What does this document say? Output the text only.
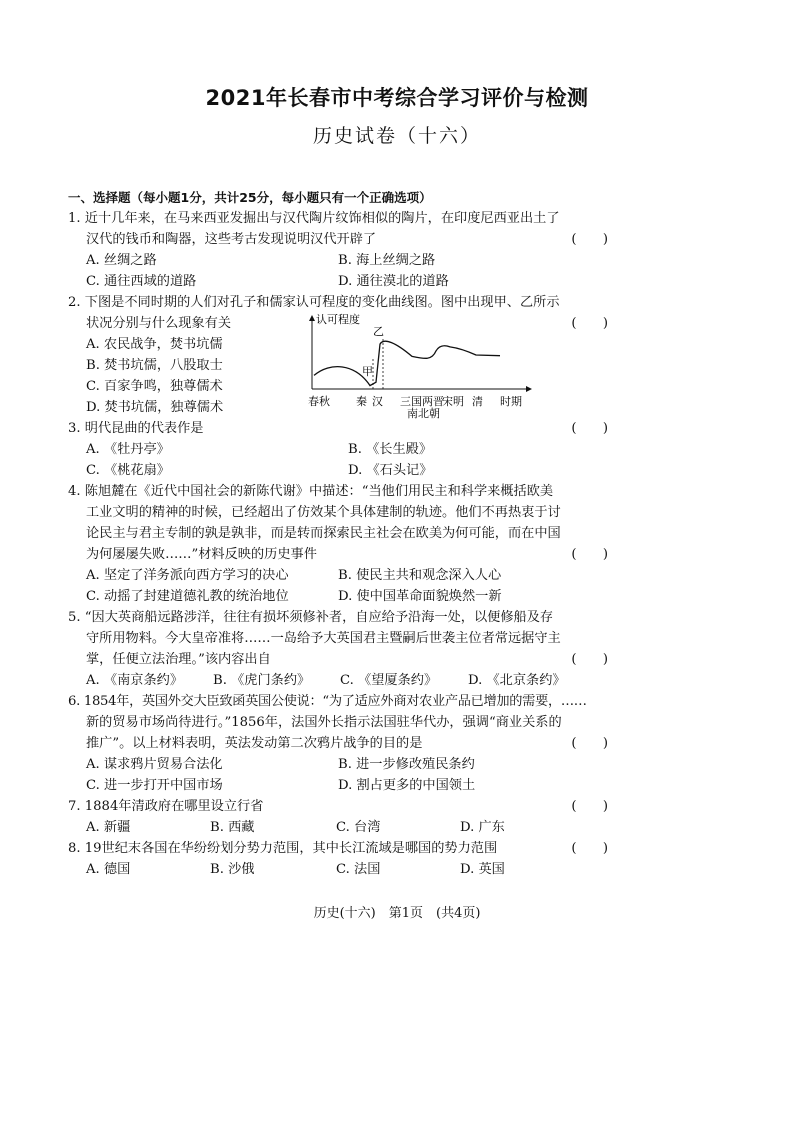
2021年长春市中考综合学习评价与检测
历史试卷（十六）
一、选择题（每小题1分，共计25分，每小题只有一个正确选项）
1. 近十几年来，在马来西亚发掘出与汉代陶片纹饰相似的陶片，在印度尼西亚出土了
汉代的钱币和陶器，这些考古发现说明汉代开辟了	(　　)
A. 丝绸之路	B. 海上丝绸之路
C. 通往西域的道路	D. 通往漠北的道路
2. 下图是不同时期的人们对孔子和儒家认可程度的变化曲线图。图中出现甲、乙所示
状况分别与什么现象有关	(　　)
A. 农民战争，焚书坑儒
B. 焚书坑儒，八股取士
C. 百家争鸣，独尊儒术
D. 焚书坑儒，独尊儒术
认可程度
时期
甲
乙
春秋 秦 汉 三国两晋
宋明 清
南北朝
3. 明代昆曲的代表作是	(　　)
A. 《牡丹亭》	B. 《长生殿》
C. 《桃花扇》	D. 《石头记》
4. 陈旭麓在《近代中国社会的新陈代谢》中描述：“当他们用民主和科学来概括欧美
工业文明的精神的时候，已经超出了仿效某个具体建制的轨迹。他们不再热衷于讨
论民主与君主专制的孰是孰非，而是转而探索民主社会在欧美为何可能，而在中国
为何屡屡失败……”材料反映的历史事件	(　　)
A. 坚定了洋务派向西方学习的决心	B. 使民主共和观念深入人心
C. 动摇了封建道德礼教的统治地位	D. 使中国革命面貌焕然一新
5. “因大英商船远路涉洋，往往有损坏须修补者，自应给予沿海一处，以便修船及存
守所用物料。今大皇帝准将……一岛给予大英国君主暨嗣后世袭主位者常远据守主
掌，任便立法治理。”该内容出自	(　　)
A. 《南京条约》 B. 《虎门条约》 C. 《望厦条约》 D. 《北京条约》
6. 1854年，英国外交大臣致函英国公使说：“为了适应外商对农业产品已增加的需要，……
新的贸易市场尚待进行。”1856年，法国外长指示法国驻华代办，强调“商业关系的
推广”。以上材料表明，英法发动第二次鸦片战争的目的是	(　　)
A. 谋求鸦片贸易合法化	B. 进一步修改殖民条约
C. 进一步打开中国市场	D. 割占更多的中国领土
7. 1884年清政府在哪里设立行省	(　　)
A. 新疆	B. 西藏	C. 台湾	D. 广东
8. 19世纪末各国在华纷纷划分势力范围，其中长江流域是哪国的势力范围	(　　)
A. 德国	B. 沙俄	C. 法国	D. 英国
历史(十六)　第1页　(共4页)
